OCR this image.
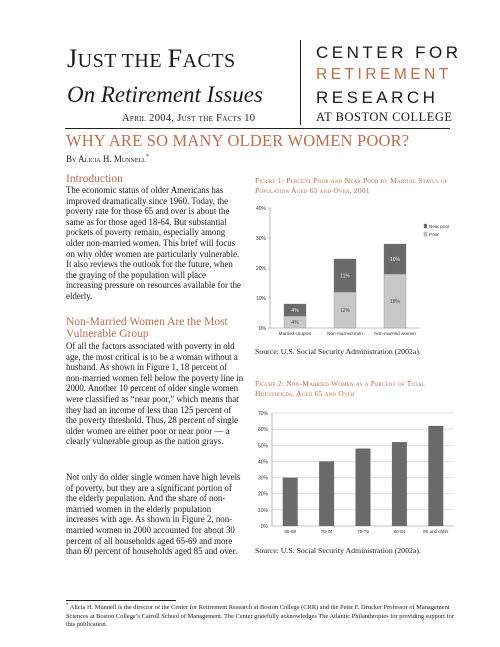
JUST THE FACTS
On Retirement Issues
April 2004, Just the Facts 10
CENTER FOR
RETIREMENT
RESEARCH
AT BOSTON COLLEGE
WHY ARE SO MANY OLDER WOMEN POOR?
By Alicia H. Munnell*
Introduction
The economic status of older Americans has improved dramatically since 1960. Today, the poverty rate for those 65 and over is about the same as for those aged 18-64. But substantial pockets of poverty remain, especially among older non-married women. This brief will focus on why older women are particularly vulnerable. It also reviews the outlook for the future, when the graying of the population will place increasing pressure on resources available for the elderly.
Non-Married Women Are the Most Vulnerable Group
Of all the factors associated with poverty in old age, the most critical is to be a woman without a husband. As shown in Figure 1, 18 percent of non-married women fell below the poverty line in 2000. Another 10 percent of older single women were classified as “near poor,” which means that they had an income of less than 125 percent of the poverty threshold. Thus, 28 percent of single older women are either poor or near poor — a clearly vulnerable group as the nation grays.
Not only do older single women have high levels of poverty, but they are a significant portion of the elderly population. And the share of non-married women in the elderly population increases with age. As shown in Figure 2, non-married women in 2000 accounted for about 30 percent of all households aged 65-69 and more than 60 percent of households aged 85 and over.
Figure 1: Percent Poor and Near Poor by Marital Status of Population Aged 65 and Over, 2001
0%
10%
20%
30%
40%
4%
4%	12%
11%
18%
10%
Married couples	Non-married men Non-married women
Near poor
Poor
Source: U.S. Social Security Administration (2002a).
Figure 2: Non-Married Women as a Percent of Total Households, Aged 65 and Over
0%
10%
20%
30%
40%
50%
60%
70%
65-69	70-74	75-79	80-84	85 and older
Source: U.S. Social Security Administration (2002a).
* Alicia H. Munnell is the director of the Center for Retirement Research at Boston College (CRR) and the Peter F. Drucker Professor of Management Sciences at Boston College’s Carroll School of Management. The Center gratefully acknowledges The Atlantic Philanthropies for providing support for this publication.
